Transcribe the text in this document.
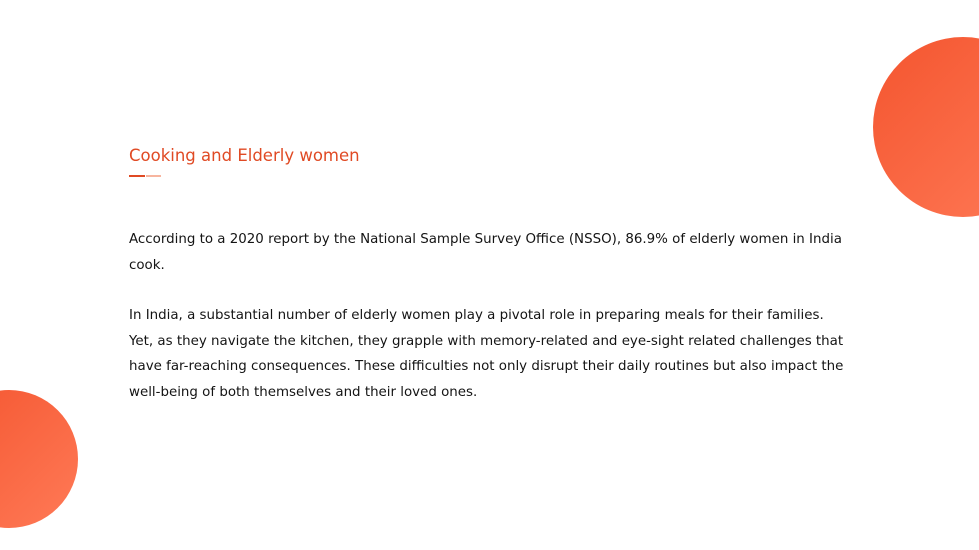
Cooking and Elderly women

According to a 2020 report by the National Sample Survey Office (NSSO), 86.9% of elderly women in India cook.

In India, a substantial number of elderly women play a pivotal role in preparing meals for their families. Yet, as they navigate the kitchen, they grapple with memory-related and eye-sight related challenges that have far-reaching consequences. These difficulties not only disrupt their daily routines but also impact the well-being of both themselves and their loved ones.
